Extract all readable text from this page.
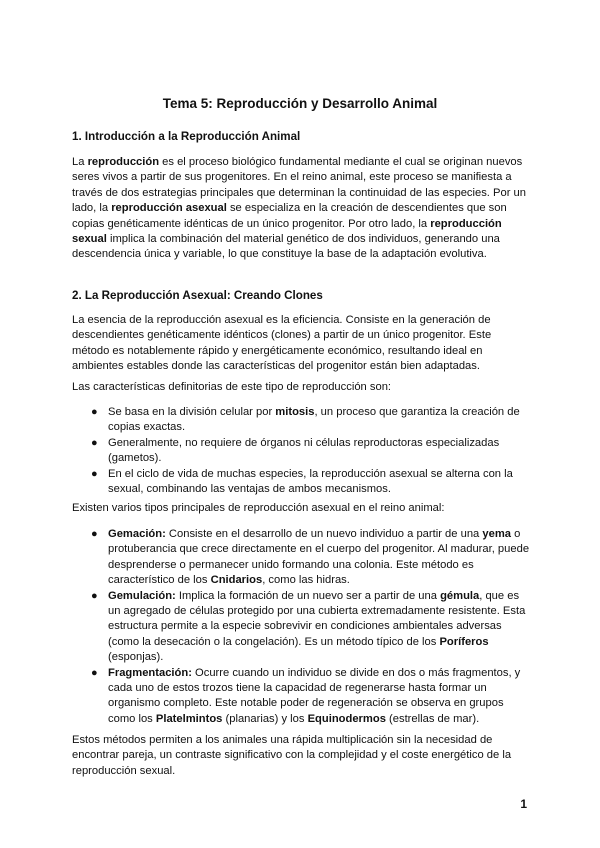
Tema 5: Reproducción y Desarrollo Animal
1. Introducción a la Reproducción Animal
La reproducción es el proceso biológico fundamental mediante el cual se originan nuevos seres vivos a partir de sus progenitores. En el reino animal, este proceso se manifiesta a través de dos estrategias principales que determinan la continuidad de las especies. Por un lado, la reproducción asexual se especializa en la creación de descendientes que son copias genéticamente idénticas de un único progenitor. Por otro lado, la reproducción sexual implica la combinación del material genético de dos individuos, generando una descendencia única y variable, lo que constituye la base de la adaptación evolutiva.
2. La Reproducción Asexual: Creando Clones
La esencia de la reproducción asexual es la eficiencia. Consiste en la generación de descendientes genéticamente idénticos (clones) a partir de un único progenitor. Este método es notablemente rápido y energéticamente económico, resultando ideal en ambientes estables donde las características del progenitor están bien adaptadas.
Las características definitorias de este tipo de reproducción son:
● Se basa en la división celular por mitosis, un proceso que garantiza la creación de copias exactas.
● Generalmente, no requiere de órganos ni células reproductoras especializadas (gametos).
● En el ciclo de vida de muchas especies, la reproducción asexual se alterna con la sexual, combinando las ventajas de ambos mecanismos.
Existen varios tipos principales de reproducción asexual en el reino animal:
● Gemación: Consiste en el desarrollo de un nuevo individuo a partir de una yema o protuberancia que crece directamente en el cuerpo del progenitor. Al madurar, puede desprenderse o permanecer unido formando una colonia. Este método es característico de los Cnidarios, como las hidras.
● Gemulación: Implica la formación de un nuevo ser a partir de una gémula, que es un agregado de células protegido por una cubierta extremadamente resistente. Esta estructura permite a la especie sobrevivir en condiciones ambientales adversas (como la desecación o la congelación). Es un método típico de los Poríferos (esponjas).
● Fragmentación: Ocurre cuando un individuo se divide en dos o más fragmentos, y cada uno de estos trozos tiene la capacidad de regenerarse hasta formar un organismo completo. Este notable poder de regeneración se observa en grupos como los Platelmintos (planarias) y los Equinodermos (estrellas de mar).
Estos métodos permiten a los animales una rápida multiplicación sin la necesidad de encontrar pareja, un contraste significativo con la complejidad y el coste energético de la reproducción sexual.
1
